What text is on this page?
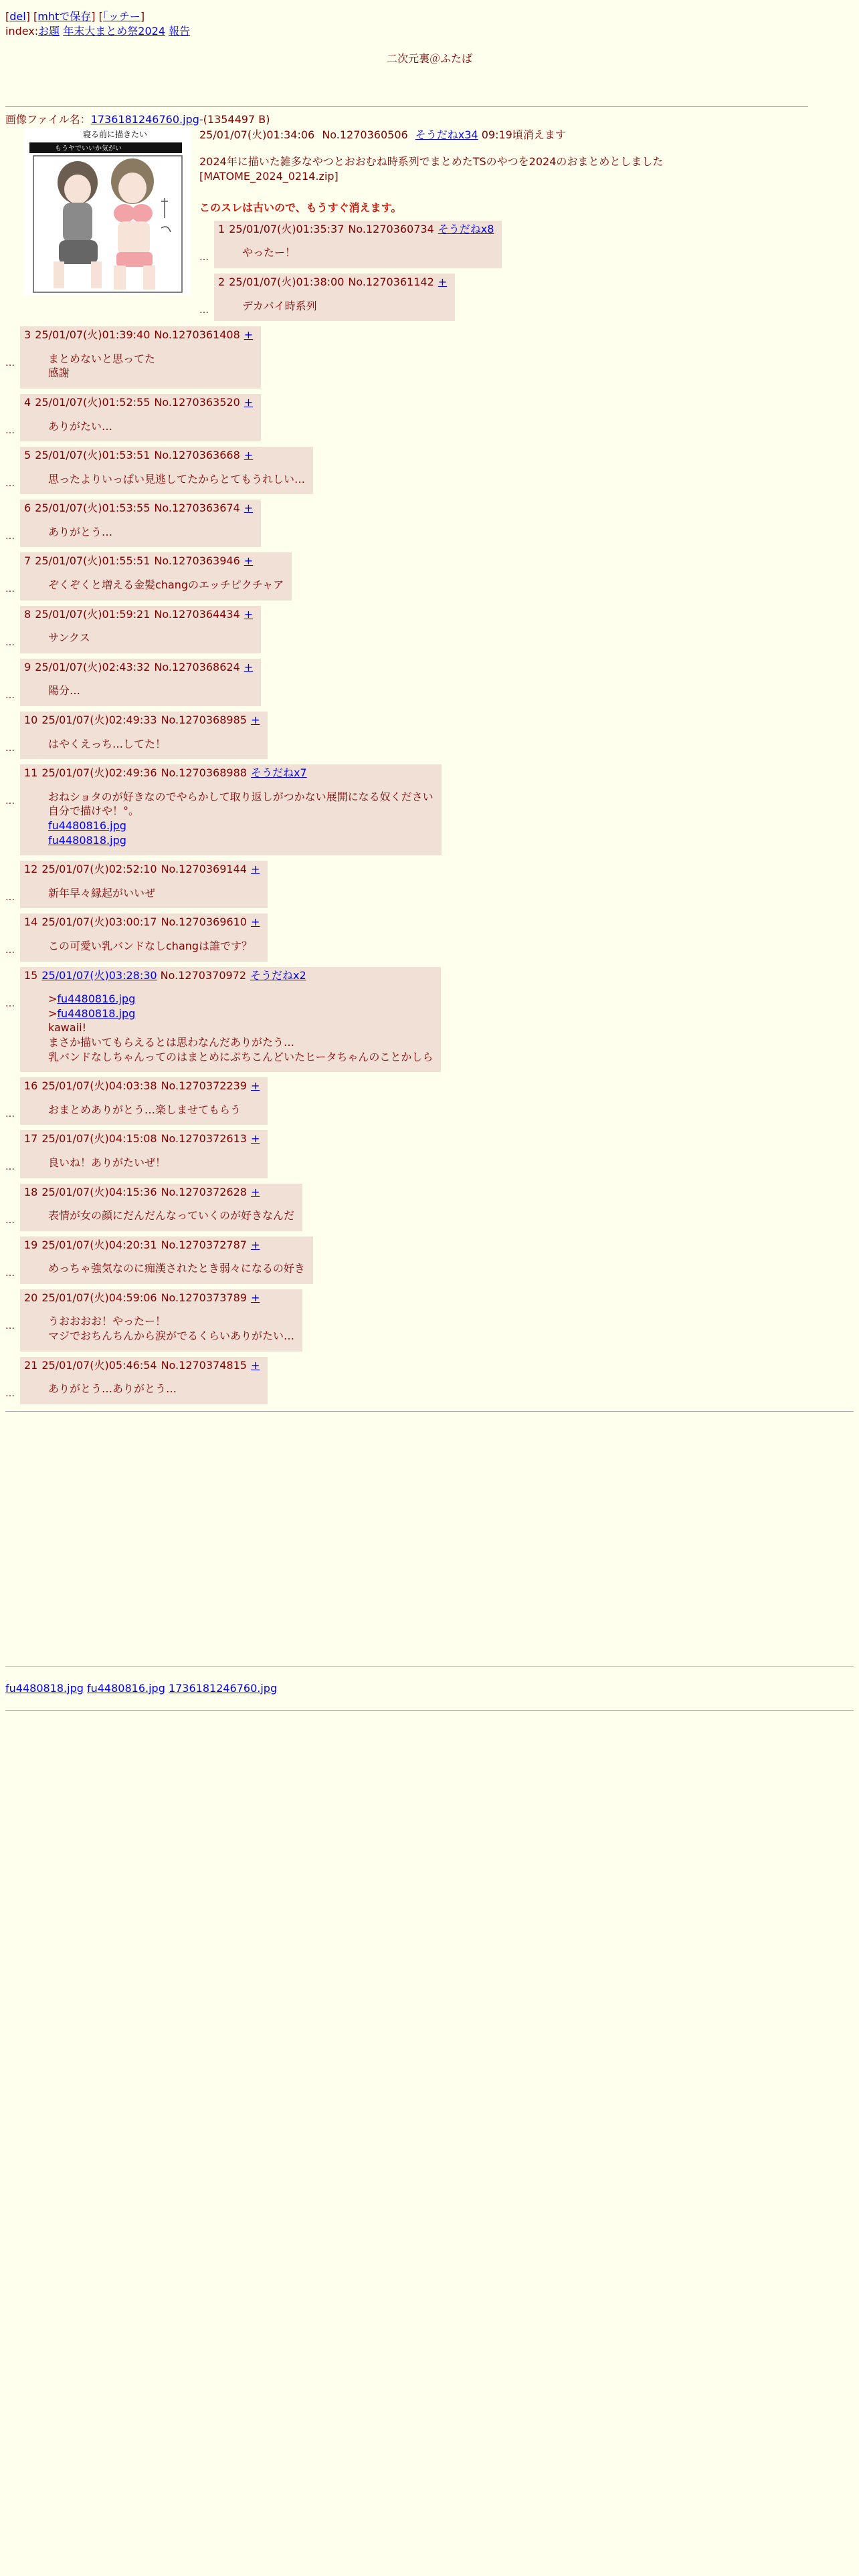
[del] [mhtで保存] [｢ッチー]
index:お題 年末大まとめ祭2024 報告
二次元裏＠ふたば
画像ファイル名：1736181246760.jpg-(1354497 B)
寝る前に描きたい
もうヤでいいか気がい
25/01/07(火)01:34:06 No.1270360506 そうだねx34 09:19頃消えます
2024年に描いた雑多なやつとおおむね時系列でまとめたTSのやつを2024のおまとめとしました
[MATOME_2024_0214.zip]
このスレは古いので、もうすぐ消えます。
…
1 25/01/07(火)01:35:37 No.1270360734 そうだねx8
やったー！
…
2 25/01/07(火)01:38:00 No.1270361142 +
デカパイ時系列
…
3 25/01/07(火)01:39:40 No.1270361408 +
まとめないと思ってた
感謝
…
4 25/01/07(火)01:52:55 No.1270363520 +
ありがたい…
…
5 25/01/07(火)01:53:51 No.1270363668 +
思ったよりいっぱい見逃してたからとてもうれしい…
…
6 25/01/07(火)01:53:55 No.1270363674 +
ありがとう…
…
7 25/01/07(火)01:55:51 No.1270363946 +
ぞくぞくと増える金髪changのエッチピクチャア
…
8 25/01/07(火)01:59:21 No.1270364434 +
サンクス
…
9 25/01/07(火)02:43:32 No.1270368624 +
陽分…
…
10 25/01/07(火)02:49:33 No.1270368985 +
はやくえっち…してた！
…
11 25/01/07(火)02:49:36 No.1270368988 そうだねx7
おねショタのが好きなのでやらかして取り返しがつかない展開になる奴ください
自分で描けや！°。
fu4480816.jpg
fu4480818.jpg
…
12 25/01/07(火)02:52:10 No.1270369144 +
新年早々縁起がいいぜ
…
14 25/01/07(火)03:00:17 No.1270369610 +
この可愛い乳バンドなしchangは誰です？
…
15 25/01/07(火)03:28:30 No.1270370972 そうだねx2
>fu4480816.jpg
>fu4480818.jpg
kawaii!
まさか描いてもらえるとは思わなんだありがたう…
乳バンドなしちゃんってのはまとめにぷちこんどいたヒータちゃんのことかしら
…
16 25/01/07(火)04:03:38 No.1270372239 +
おまとめありがとう…楽しませてもらう
…
17 25/01/07(火)04:15:08 No.1270372613 +
良いね！ありがたいぜ！
…
18 25/01/07(火)04:15:36 No.1270372628 +
表情が女の顔にだんだんなっていくのが好きなんだ
…
19 25/01/07(火)04:20:31 No.1270372787 +
めっちゃ強気なのに痴漢されたとき弱々になるの好き
…
20 25/01/07(火)04:59:06 No.1270373789 +
うおおおお！やったー！
マジでおちんちんから涙がでるくらいありがたい…
…
21 25/01/07(火)05:46:54 No.1270374815 +
ありがとう…ありがとう…
fu4480818.jpg fu4480816.jpg 1736181246760.jpg
